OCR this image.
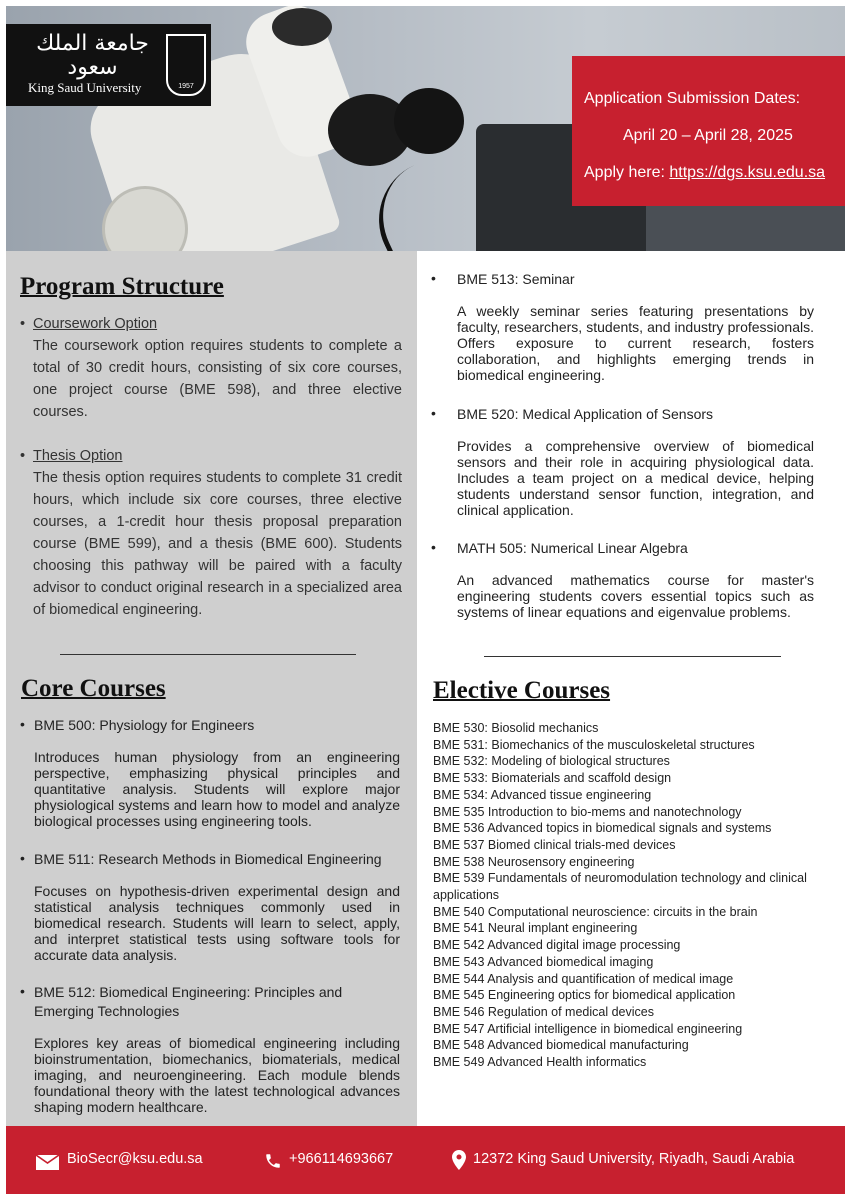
جامعة الملك سعود
King Saud University	1957
Application Submission Dates:
April 20 – April 28, 2025
Apply here: https://dgs.ksu.edu.sa
Program Structure
• Coursework Option
The coursework option requires students to complete a total of 30 credit hours, consisting of six core courses, one project course (BME 598), and three elective courses.
• Thesis Option
The thesis option requires students to complete 31 credit hours, which include six core courses, three elective courses, a 1-credit hour thesis proposal preparation course (BME 599), and a thesis (BME 600). Students choosing this pathway will be paired with a faculty advisor to conduct original research in a specialized area of biomedical engineering.
Core Courses
• BME 500: Physiology for Engineers
Introduces human physiology from an engineering perspective, emphasizing physical principles and quantitative analysis. Students will explore major physiological systems and learn how to model and analyze biological processes using engineering tools.
• BME 511: Research Methods in Biomedical Engineering
Focuses on hypothesis-driven experimental design and statistical analysis techniques commonly used in biomedical research. Students will learn to select, apply, and interpret statistical tests using software tools for accurate data analysis.
• BME 512: Biomedical Engineering: Principles and Emerging Technologies
Explores key areas of biomedical engineering including bioinstrumentation, biomechanics, biomaterials, medical imaging, and neuroengineering. Each module blends foundational theory with the latest technological advances shaping modern healthcare.
• BME 513: Seminar
A weekly seminar series featuring presentations by faculty, researchers, students, and industry professionals. Offers exposure to current research, fosters collaboration, and highlights emerging trends in biomedical engineering.
• BME 520: Medical Application of Sensors
Provides a comprehensive overview of biomedical sensors and their role in acquiring physiological data. Includes a team project on a medical device, helping students understand sensor function, integration, and clinical application.
• MATH 505: Numerical Linear Algebra
An advanced mathematics course for master's engineering students covers essential topics such as systems of linear equations and eigenvalue problems.
Elective Courses
BME 530: Biosolid mechanics
BME 531: Biomechanics of the musculoskeletal structures
BME 532: Modeling of biological structures
BME 533: Biomaterials and scaffold design
BME 534: Advanced tissue engineering
BME 535 Introduction to bio-mems and nanotechnology
BME 536 Advanced topics in biomedical signals and systems
BME 537 Biomed clinical trials-med devices
BME 538 Neurosensory engineering
BME 539 Fundamentals of neuromodulation technology and clinical applications
BME 540 Computational neuroscience: circuits in the brain
BME 541 Neural implant engineering
BME 542 Advanced digital image processing
BME 543 Advanced biomedical imaging
BME 544 Analysis and quantification of medical image
BME 545 Engineering optics for biomedical application
BME 546 Regulation of medical devices
BME 547 Artificial intelligence in biomedical engineering
BME 548 Advanced biomedical manufacturing
BME 549 Advanced Health informatics
BioSecr@ksu.edu.sa	+966114693667	12372 King Saud University, Riyadh, Saudi Arabia
